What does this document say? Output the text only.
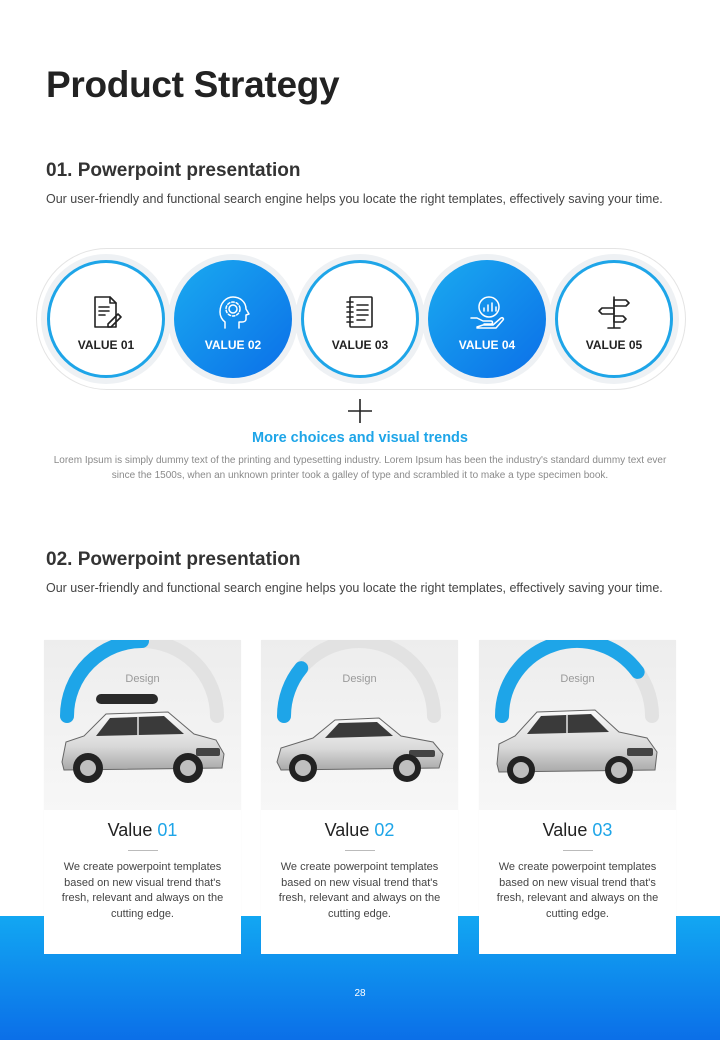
Product Strategy
01. Powerpoint presentation

Our user-friendly and functional search engine helps you locate the right templates, effectively saving your time.

VALUE 01	VALUE 02	VALUE 03	VALUE 04	VALUE 05
More choices and visual trends

Lorem Ipsum is simply dummy text of the printing and typesetting industry. Lorem Ipsum has been the industry's standard dummy text ever since the 1500s, when an unknown printer took a galley of type and scrambled it to make a type specimen book.

02. Powerpoint presentation

Our user-friendly and functional search engine helps you locate the right templates, effectively saving your time.

28
Design
Value 01

We create powerpoint templates based on new visual trend that's fresh, relevant and always on the cutting edge.

Design
Value 02

We create powerpoint templates based on new visual trend that's fresh, relevant and always on the cutting edge.

Design
Value 03

We create powerpoint templates based on new visual trend that's fresh, relevant and always on the cutting edge.
